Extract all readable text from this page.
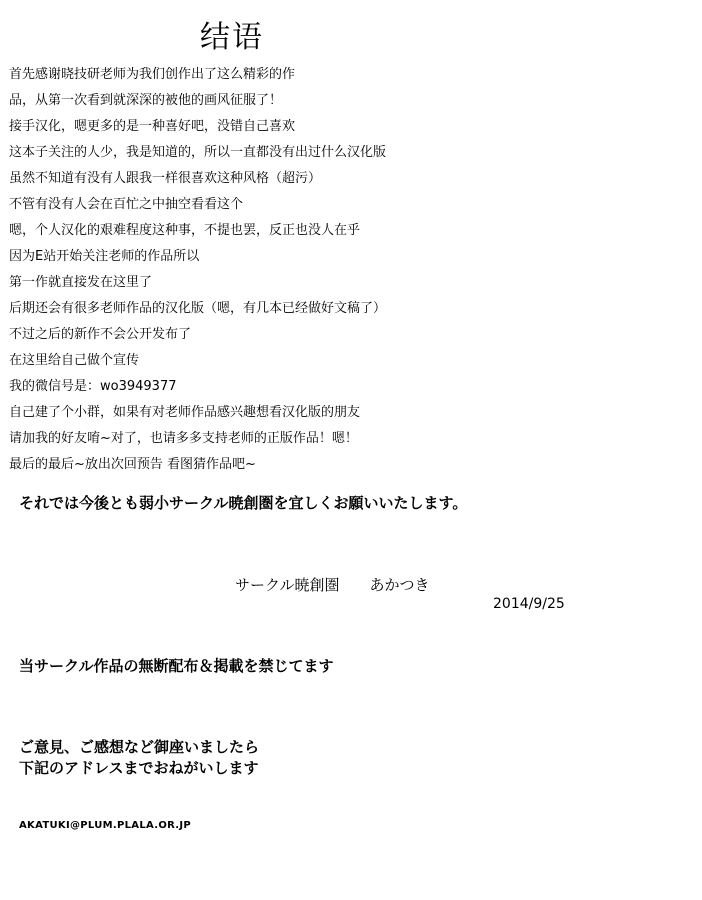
结语
首先感谢晓技研老师为我们创作出了这么精彩的作
品，从第一次看到就深深的被他的画风征服了！
接手汉化，嗯更多的是一种喜好吧，没错自己喜欢
这本子关注的人少，我是知道的，所以一直都没有出过什么汉化版
虽然不知道有没有人跟我一样很喜欢这种风格（超污）
不管有没有人会在百忙之中抽空看看这个
嗯，个人汉化的艰难程度这种事，不提也罢，反正也没人在乎
因为E站开始关注老师的作品所以
第一作就直接发在这里了
后期还会有很多老师作品的汉化版（嗯，有几本已经做好文稿了）
不过之后的新作不会公开发布了
在这里给自己做个宣传
我的微信号是：wo3949377
自己建了个小群，如果有对老师作品感兴趣想看汉化版的朋友
请加我的好友唷~对了，也请多多支持老师的正版作品！嗯！
最后的最后~放出次回预告 看图猜作品吧~
それでは今後とも弱小サークル暁創圏を宜しくお願いいたします。
サークル暁創圏　　あかつき
2014/9/25
当サークル作品の無断配布＆掲載を禁じてます
ご意見、ご感想など御座いましたら
下記のアドレスまでおねがいします
AKATUKI@PLUM.PLALA.OR.JP
